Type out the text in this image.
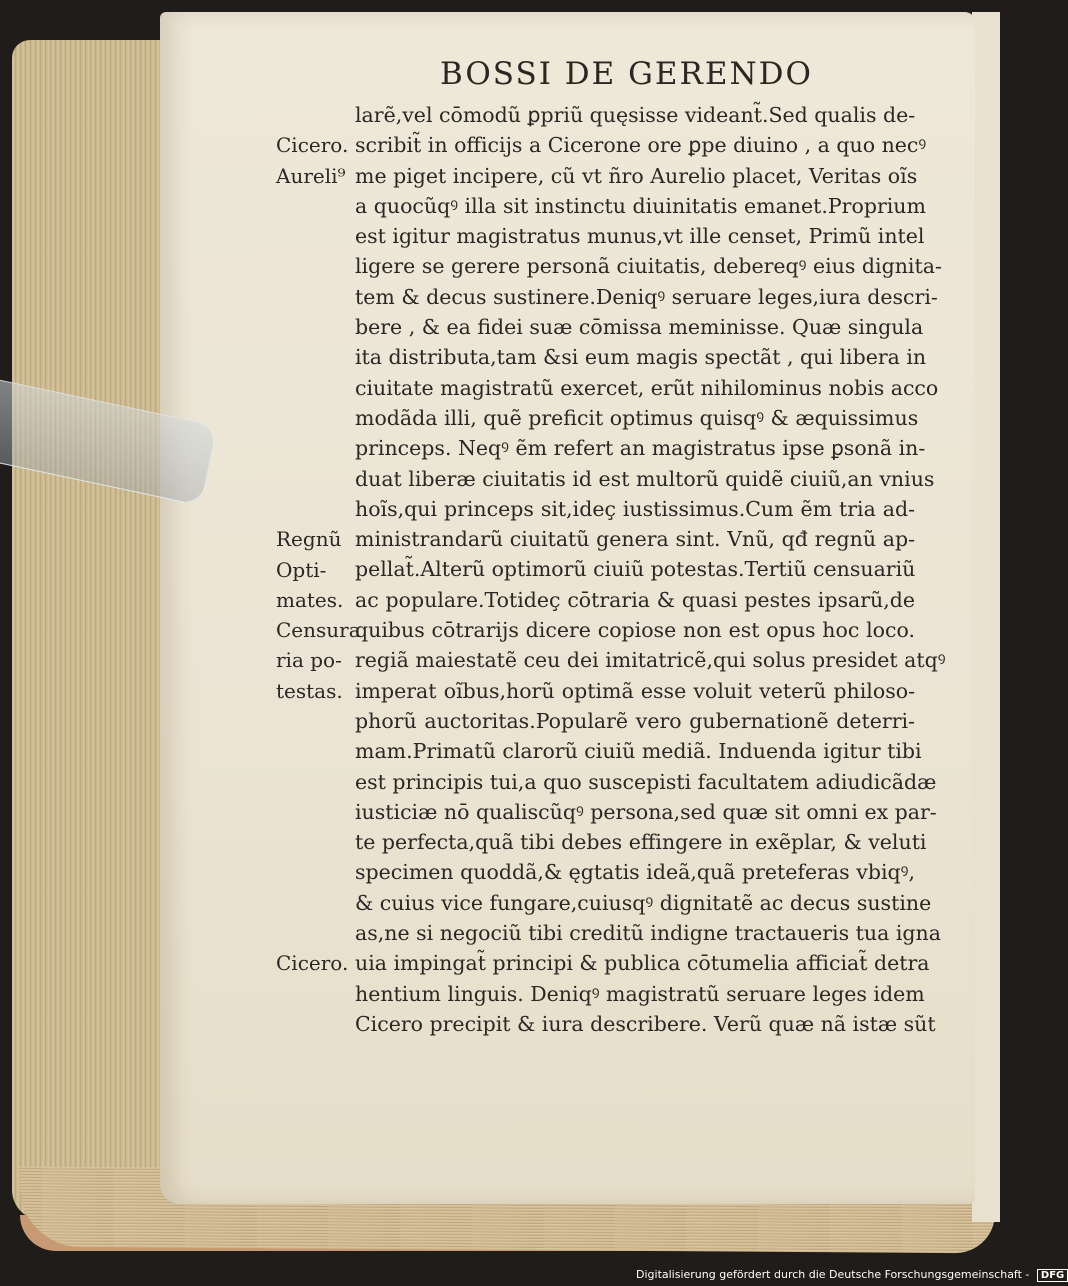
BOSSI DE GERENDO
Cicero.
Aureli⁹
Regnũ
Opti-
mates.
Censura
ria po-
testas.
Cicero.
larẽ,vel cōmodũ ꝑpriũ quęsisse videant̃.Sed qualis de-
scribit̃ in officijs a Cicerone ore ꝑpe diuino , a quo necꝰ
me piget incipere, cũ vt ñro Aurelio placet, Veritas oĩs
a quocũqꝰ illa sit instinctu diuinitatis emanet.Proprium
est igitur magistratus munus,vt ille censet, Primũ intel
ligere se gerere personã ciuitatis, debereqꝰ eius dignita-
tem & decus sustinere.Deniqꝰ seruare leges,iura descri-
bere , & ea fidei suæ cōmissa meminisse. Quæ singula
ita distributa,tam &si eum magis spectãt , qui libera in
ciuitate magistratũ exercet, erũt nihilominus nobis acco
modãda illi, quẽ preficit optimus quisqꝰ & æquissimus
princeps. Neqꝰ ẽm refert an magistratus ipse ꝑsonã in-
duat liberæ ciuitatis id est multorũ quidẽ ciuiũ,an vnius
hoĩs,qui princeps sit,ideç iustissimus.Cum ẽm tria ad-
ministrandarũ ciuitatũ genera sint. Vnũ, qđ regnũ ap-
pellat̃.Alterũ optimorũ ciuiũ potestas.Tertiũ censuariũ
ac populare.Totideç cōtraria & quasi pestes ipsarũ,de
quibus cōtrarijs dicere copiose non est opus hoc loco.
regiã maiestatẽ ceu dei imitatricẽ,qui solus presidet atqꝰ
imperat oĩbus,horũ optimã esse voluit veterũ philoso-
phorũ auctoritas.Popularẽ vero gubernationẽ deterri-
mam.Primatũ clarorũ ciuiũ mediã. Induenda igitur tibi
est principis tui,a quo suscepisti facultatem adiudicãdæ
iusticiæ nō qualiscũqꝰ persona,sed quæ sit omni ex par-
te perfecta,quã tibi debes effingere in exẽplar, & veluti
specimen quoddã,& ęgtatis ideã,quã preteferas vbiqꝰ,
& cuius vice fungare,cuiusqꝰ dignitatẽ ac decus sustine
as,ne si negociũ tibi creditũ indigne tractaueris tua igna
uia impingat̃ principi & publica cōtumelia afficiat̃ detra
hentium linguis. Deniqꝰ magistratũ seruare leges idem
Cicero precipit & iura describere. Verũ quæ nã istæ sũt
Digitalisierung gefördert durch die Deutsche Forschungsgemeinschaft - DFG
